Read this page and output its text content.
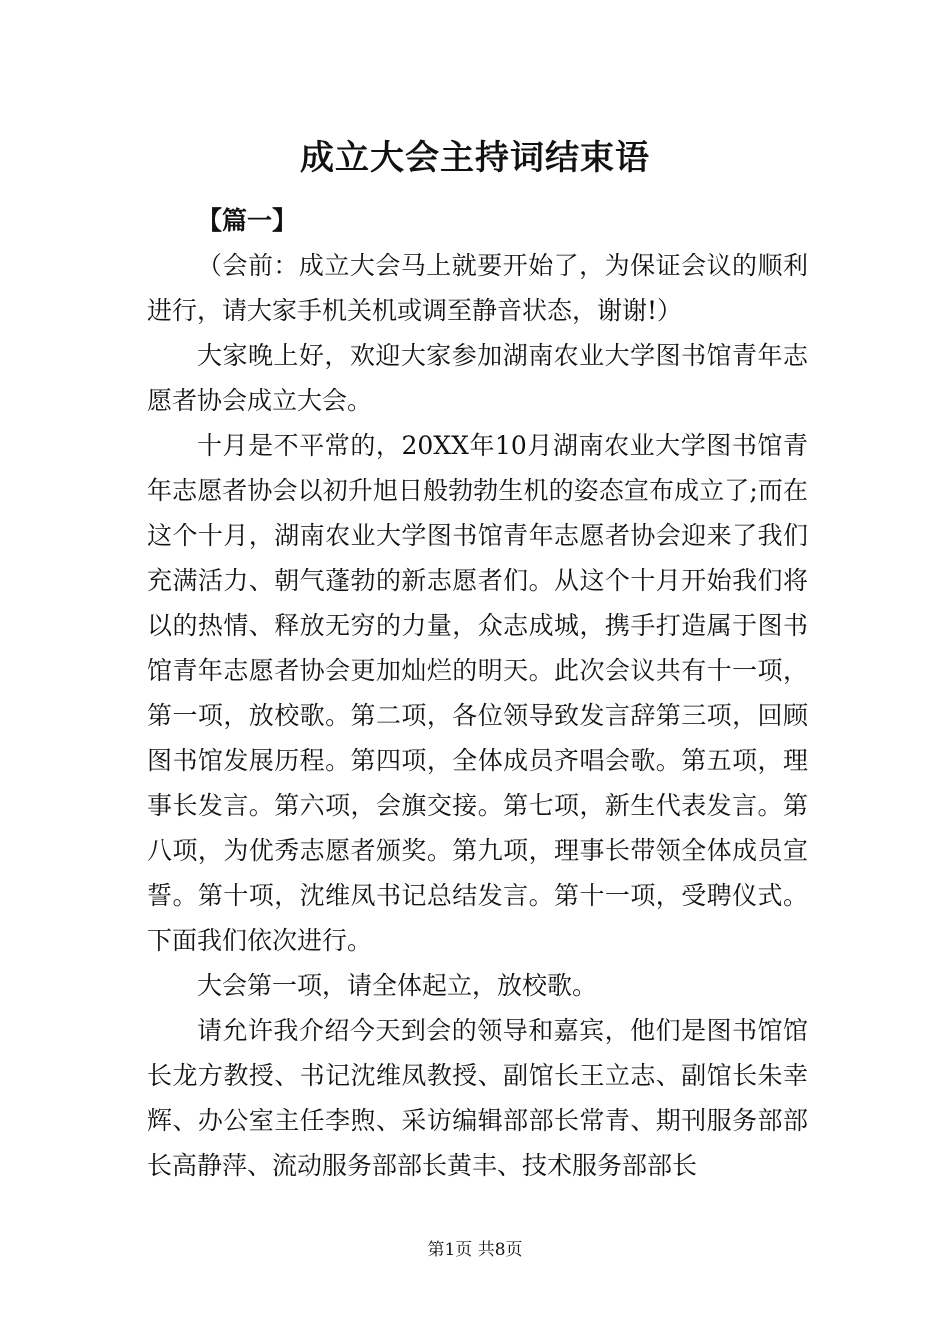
成立大会主持词结束语

【篇一】

（会前：成立大会马上就要开始了，为保证会议的顺利进行，请大家手机关机或调至静音状态，谢谢!）

大家晚上好，欢迎大家参加湖南农业大学图书馆青年志愿者协会成立大会。

十月是不平常的，20XX年10月湖南农业大学图书馆青年志愿者协会以初升旭日般勃勃生机的姿态宣布成立了;而在这个十月，湖南农业大学图书馆青年志愿者协会迎来了我们充满活力、朝气蓬勃的新志愿者们。从这个十月开始我们将以的热情、释放无穷的力量，众志成城，携手打造属于图书馆青年志愿者协会更加灿烂的明天。此次会议共有十一项，第一项，放校歌。第二项，各位领导致发言辞第三项，回顾图书馆发展历程。第四项，全体成员齐唱会歌。第五项，理事长发言。第六项，会旗交接。第七项，新生代表发言。第八项，为优秀志愿者颁奖。第九项，理事长带领全体成员宣誓。第十项，沈维凤书记总结发言。第十一项，受聘仪式。下面我们依次进行。

大会第一项，请全体起立，放校歌。

请允许我介绍今天到会的领导和嘉宾，他们是图书馆馆长龙方教授、书记沈维凤教授、副馆长王立志、副馆长朱幸辉、办公室主任李煦、采访编辑部部长常青、期刊服务部部长高静萍、流动服务部部长黄丰、技术服务部部长

第1页 共8页
